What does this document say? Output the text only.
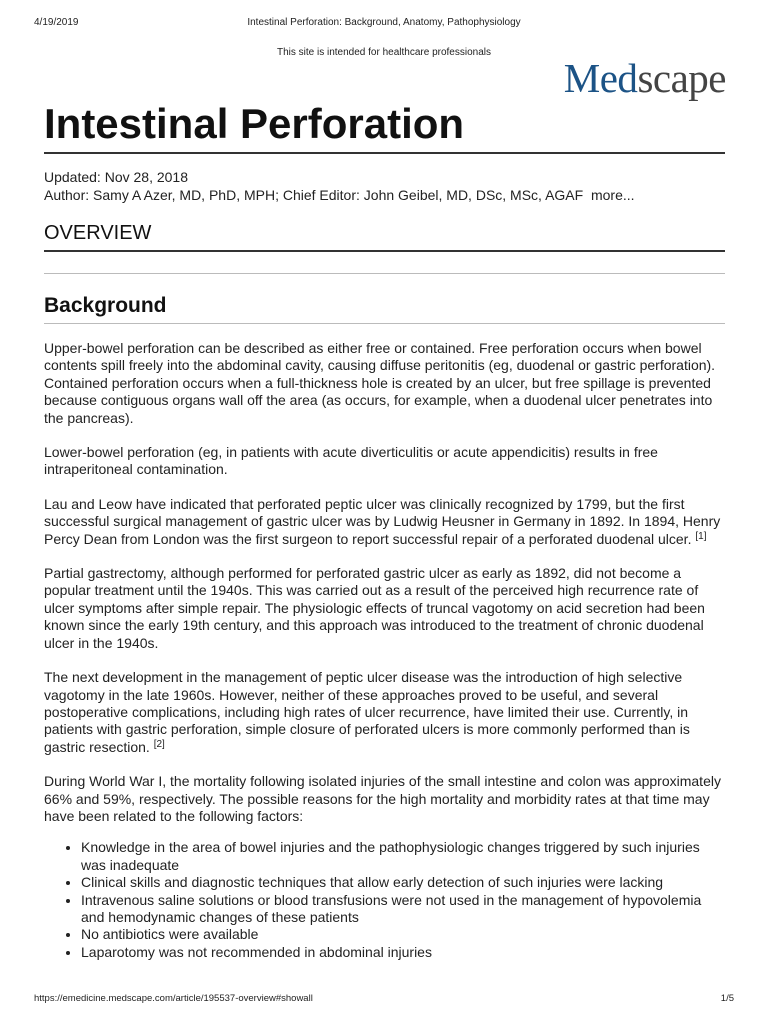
4/19/2019	Intestinal Perforation: Background, Anatomy, Pathophysiology
This site is intended for healthcare professionals
Medscape
Intestinal Perforation
Updated: Nov 28, 2018
Author: Samy A Azer, MD, PhD, MPH; Chief Editor: John Geibel, MD, DSc, MSc, AGAF more...
OVERVIEW
Background

Upper-bowel perforation can be described as either free or contained. Free perforation occurs when bowel contents spill freely into the abdominal cavity, causing diffuse peritonitis (eg, duodenal or gastric perforation). Contained perforation occurs when a full-thickness hole is created by an ulcer, but free spillage is prevented because contiguous organs wall off the area (as occurs, for example, when a duodenal ulcer penetrates into the pancreas).

Lower-bowel perforation (eg, in patients with acute diverticulitis or acute appendicitis) results in free intraperitoneal contamination.

Lau and Leow have indicated that perforated peptic ulcer was clinically recognized by 1799, but the first successful surgical management of gastric ulcer was by Ludwig Heusner in Germany in 1892. In 1894, Henry Percy Dean from London was the first surgeon to report successful repair of a perforated duodenal ulcer. [1]

Partial gastrectomy, although performed for perforated gastric ulcer as early as 1892, did not become a popular treatment until the 1940s. This was carried out as a result of the perceived high recurrence rate of ulcer symptoms after simple repair. The physiologic effects of truncal vagotomy on acid secretion had been known since the early 19th century, and this approach was introduced to the treatment of chronic duodenal ulcer in the 1940s.

The next development in the management of peptic ulcer disease was the introduction of high selective vagotomy in the late 1960s. However, neither of these approaches proved to be useful, and several postoperative complications, including high rates of ulcer recurrence, have limited their use. Currently, in patients with gastric perforation, simple closure of perforated ulcers is more commonly performed than is gastric resection. [2]

During World War I, the mortality following isolated injuries of the small intestine and colon was approximately 66% and 59%, respectively. The possible reasons for the high mortality and morbidity rates at that time may have been related to the following factors:

• Knowledge in the area of bowel injuries and the pathophysiologic changes triggered by such injuries was inadequate
• Clinical skills and diagnostic techniques that allow early detection of such injuries were lacking
• Intravenous saline solutions or blood transfusions were not used in the management of hypovolemia and hemodynamic changes of these patients
• No antibiotics were available
• Laparotomy was not recommended in abdominal injuries
https://emedicine.medscape.com/article/195537-overview#showall	1/5
